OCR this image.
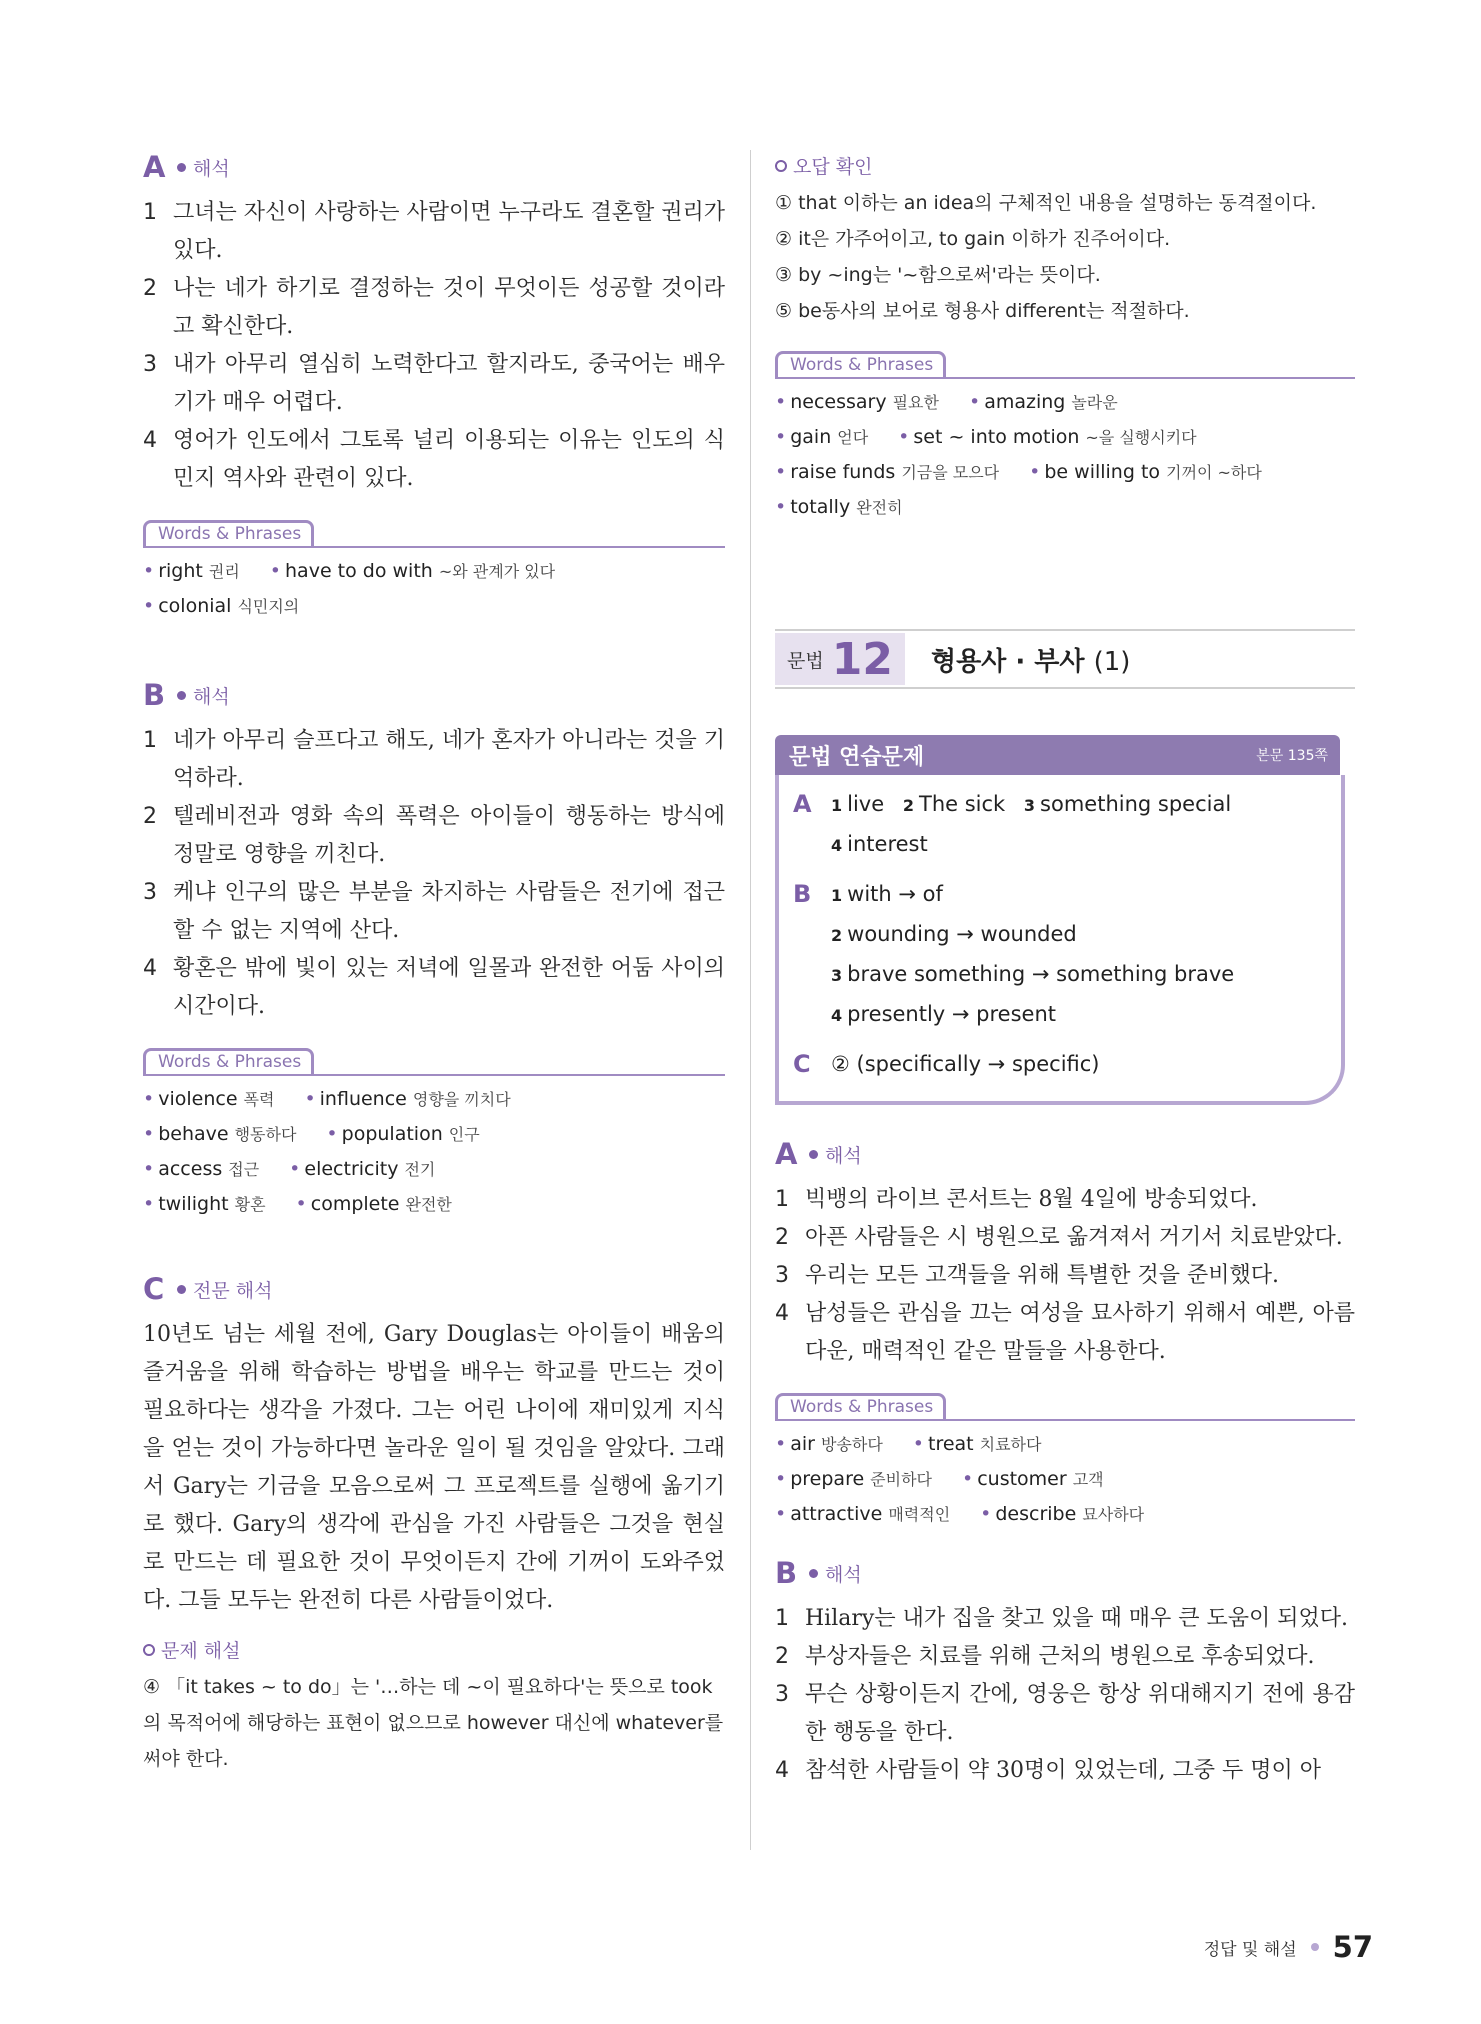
A 해석
1 그녀는 자신이 사랑하는 사람이면 누구라도 결혼할 권리가 있다.
2 나는 네가 하기로 결정하는 것이 무엇이든 성공할 것이라고 확신한다.
3 내가 아무리 열심히 노력한다고 할지라도, 중국어는 배우기가 매우 어렵다.
4 영어가 인도에서 그토록 널리 이용되는 이유는 인도의 식민지 역사와 관련이 있다.
Words & Phrases
• right 권리 • have to do with ~와 관계가 있다
• colonial 식민지의
B	해석
1 네가 아무리 슬프다고 해도, 네가 혼자가 아니라는 것을 기억하라.
2 텔레비전과 영화 속의 폭력은 아이들이 행동하는 방식에 정말로 영향을 끼친다.
3 케냐 인구의 많은 부분을 차지하는 사람들은 전기에 접근할 수 없는 지역에 산다.
4 황혼은 밖에 빛이 있는 저녁에 일몰과 완전한 어둠 사이의 시간이다.
Words & Phrases
• violence 폭력 • influence 영향을 끼치다
• behave 행동하다 • population 인구
• access 접근 • electricity 전기
• twilight 황혼 • complete 완전한
C	전문 해석

10년도 넘는 세월 전에, Gary Douglas는 아이들이 배움의 즐거움을 위해 학습하는 방법을 배우는 학교를 만드는 것이 필요하다는 생각을 가졌다. 그는 어린 나이에 재미있게 지식을 얻는 것이 가능하다면 놀라운 일이 될 것임을 알았다. 그래서 Gary는 기금을 모음으로써 그 프로젝트를 실행에 옮기기로 했다. Gary의 생각에 관심을 가진 사람들은 그것을 현실로 만드는 데 필요한 것이 무엇이든지 간에 기꺼이 도와주었다. 그들 모두는 완전히 다른 사람들이었다.

문제 해설

④ 「it takes ~ to do」는 '…하는 데 ~이 필요하다'는 뜻으로 took의 목적어에 해당하는 표현이 없으므로 however 대신에 whatever를 써야 한다.

오답 확인
① that 이하는 an idea의 구체적인 내용을 설명하는 동격절이다.
② it은 가주어이고, to gain 이하가 진주어이다.
③ by ~ing는 '~함으로써'라는 뜻이다.
⑤ be동사의 보어로 형용사 different는 적절하다.
Words & Phrases
• necessary 필요한 • amazing 놀라운
• gain 얻다 • set ~ into motion ~을 실행시키다
• raise funds 기금을 모으다 • be willing to 기꺼이 ~하다
• totally 완전히
문법 12 형용사 · 부사 (1)
문법 연습문제	본문 135쪽
A	1 live 2 The sick 3 something special
4 interest
B	1 with → of
2 wounding → wounded
3 brave something → something brave
4 presently → present
C ② (specifically → specific)
A 해석
1 빅뱅의 라이브 콘서트는 8월 4일에 방송되었다.
2 아픈 사람들은 시 병원으로 옮겨져서 거기서 치료받았다.
3 우리는 모든 고객들을 위해 특별한 것을 준비했다.
4 남성들은 관심을 끄는 여성을 묘사하기 위해서 예쁜, 아름다운, 매력적인 같은 말들을 사용한다.
Words & Phrases
• air 방송하다 • treat 치료하다
• prepare 준비하다 • customer 고객
• attractive 매력적인 • describe 묘사하다
B	해석
1 Hilary는 내가 집을 찾고 있을 때 매우 큰 도움이 되었다.
2 부상자들은 치료를 위해 근처의 병원으로 후송되었다.
3 무슨 상황이든지 간에, 영웅은 항상 위대해지기 전에 용감한 행동을 한다.
4 참석한 사람들이 약 30명이 있었는데, 그중 두 명이 아
정답 및 해설 57
